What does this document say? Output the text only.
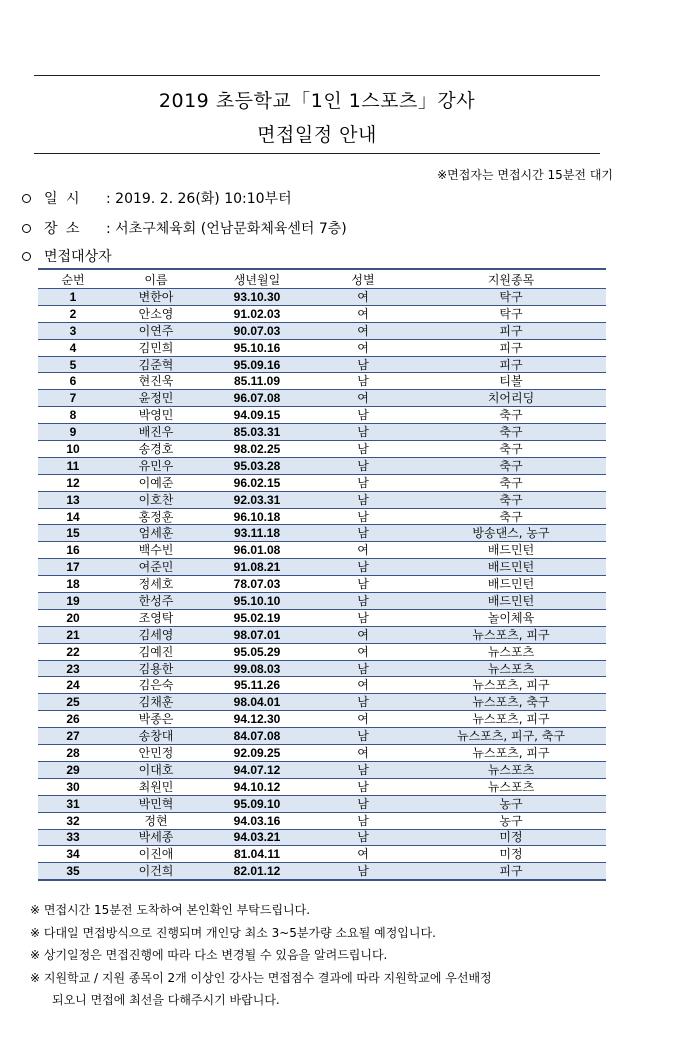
2019 초등학교「1인 1스포츠」강사
면접일정 안내
※면접자는 면접시간 15분전 대기
일 시	: 2019. 2. 26(화) 10:10부터
장 소	: 서초구체육회 (언남문화체육센터 7층)
면접대상자
순번	이름	생년월일	성별	지원종목
1	변한아	93.10.30	여	탁구
2	안소영	91.02.03	여	탁구
3	이연주	90.07.03	여	피구
4	김민희	95.10.16	여	피구
5	김준혁	95.09.16	남	피구
6	현진욱	85.11.09	남	티볼
7	윤정민	96.07.08	여	치어리딩
8	박영민	94.09.15	남	축구
9	배진우	85.03.31	남	축구
10	송경호	98.02.25	남	축구
11	유민우	95.03.28	남	축구
12	이예준	96.02.15	남	축구
13	이호찬	92.03.31	남	축구
14	홍정훈	96.10.18	남	축구
15	엄세훈	93.11.18	남	방송댄스, 농구
16	백수빈	96.01.08	여	배드민턴
17	여준민	91.08.21	남	배드민턴
18	정세호	78.07.03	남	배드민턴
19	한성주	95.10.10	남	배드민턴
20	조영탁	95.02.19	남	놀이체육
21	김세영	98.07.01	여	뉴스포츠, 피구
22	김예진	95.05.29	여	뉴스포츠
23	김용한	99.08.03	남	뉴스포츠
24	김은숙	95.11.26	여	뉴스포츠, 피구
25	김채훈	98.04.01	남	뉴스포츠, 축구
26	박종은	94.12.30	여	뉴스포츠, 피구
27	송창대	84.07.08	남	뉴스포츠, 피구, 축구
28	안민정	92.09.25	여	뉴스포츠, 피구
29	이대호	94.07.12	남	뉴스포츠
30	최원민	94.10.12	남	뉴스포츠
31	박민혁	95.09.10	남	농구
32	정현	94.03.16	남	농구
33	박세종	94.03.21	남	미정
34	이진애	81.04.11	여	미정
35	이건희	82.01.12	남	피구
※ 면접시간 15분전 도착하여 본인확인 부탁드립니다.
※ 다대일 면접방식으로 진행되며 개인당 최소 3~5분가량 소요될 예정입니다.
※ 상기일정은 면접진행에 따라 다소 변경될 수 있음을 알려드립니다.
※ 지원학교 / 지원 종목이 2개 이상인 강사는 면접점수 결과에 따라 지원학교에 우선배정
되오니 면접에 최선을 다해주시기 바랍니다.
